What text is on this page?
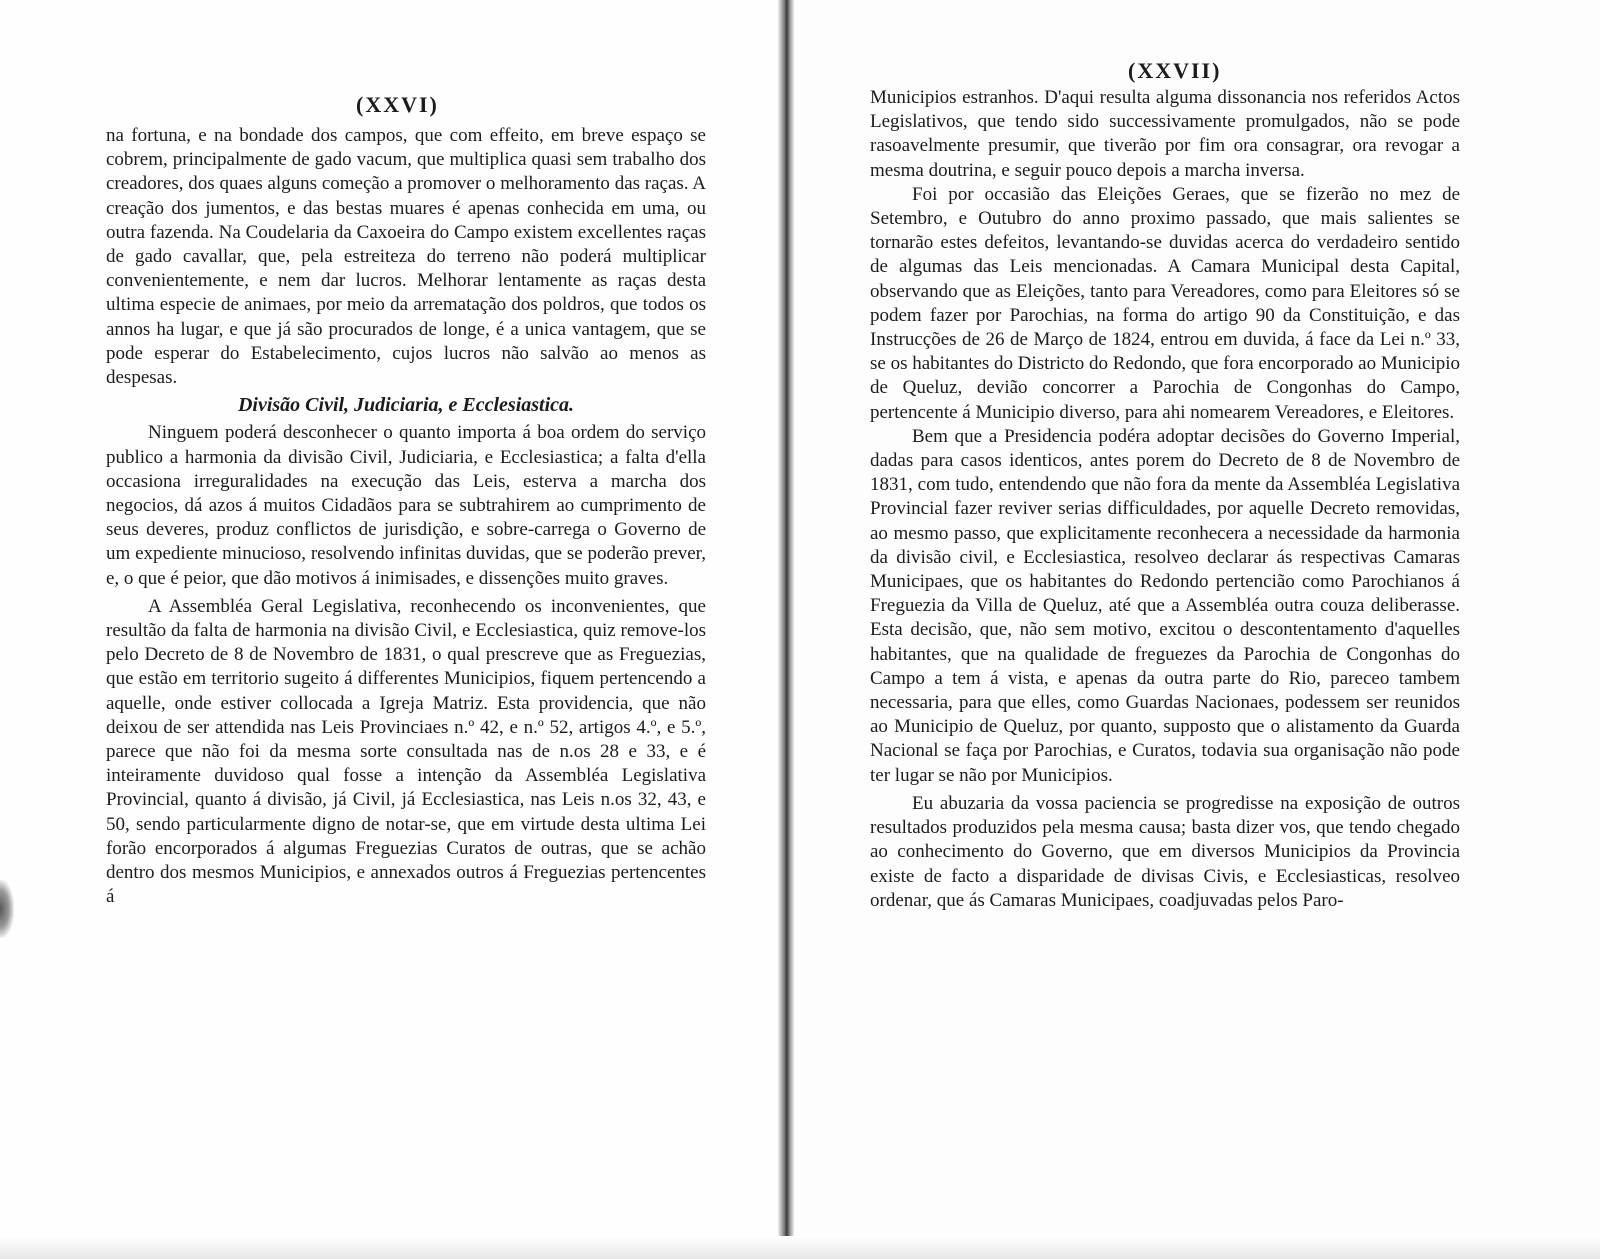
(XXVI)

na fortuna, e na bondade dos campos, que com effeito, em breve espaço se cobrem, principalmente de gado vacum, que multiplica quasi sem trabalho dos creadores, dos quaes alguns começão a promover o melhoramento das raças. A creação dos jumentos, e das bestas muares é apenas conhecida em uma, ou outra fazenda. Na Coudelaria da Caxoeira do Campo existem excellentes raças de gado cavallar, que, pela estreiteza do terreno não poderá multiplicar convenientemente, e nem dar lucros. Melhorar lentamente as raças desta ultima especie de animaes, por meio da arrematação dos poldros, que todos os annos ha lugar, e que já são procurados de longe, é a unica vantagem, que se pode esperar do Estabelecimento, cujos lucros não salvão ao menos as despesas.

Divisão Civil, Judiciaria, e Ecclesiastica.

Ninguem poderá desconhecer o quanto importa á boa ordem do serviço publico a harmonia da divisão Civil, Judiciaria, e Ecclesiastica; a falta d'ella occasiona irreguralidades na execução das Leis, esterva a marcha dos negocios, dá azos á muitos Cidadãos para se subtrahirem ao cumprimento de seus deveres, produz conflictos de jurisdição, e sobre-carrega o Governo de um expediente minucioso, resolvendo infinitas duvidas, que se poderão prever, e, o que é peior, que dão motivos á inimisades, e dissenções muito graves.

A Assembléa Geral Legislativa, reconhecendo os inconvenientes, que resultão da falta de harmonia na divisão Civil, e Ecclesiastica, quiz remove-los pelo Decreto de 8 de Novembro de 1831, o qual prescreve que as Freguezias, que estão em territorio sugeito á differentes Municipios, fiquem pertencendo a aquelle, onde estiver collocada a Igreja Matriz. Esta providencia, que não deixou de ser attendida nas Leis Provinciaes n.º 42, e n.º 52, artigos 4.º, e 5.º, parece que não foi da mesma sorte consultada nas de n.os 28 e 33, e é inteiramente duvidoso qual fosse a intenção da Assembléa Legislativa Provincial, quanto á divisão, já Civil, já Ecclesiastica, nas Leis n.os 32, 43, e 50, sendo particularmente digno de notar-se, que em virtude desta ultima Lei forão encorporados á algumas Freguezias Curatos de outras, que se achão dentro dos mesmos Municipios, e annexados outros á Freguezias pertencentes á

(XXVII)

Municipios estranhos. D'aqui resulta alguma dissonancia nos referidos Actos Legislativos, que tendo sido successivamente promulgados, não se pode rasoavelmente presumir, que tiverão por fim ora consagrar, ora revogar a mesma doutrina, e seguir pouco depois a marcha inversa.

Foi por occasião das Eleições Geraes, que se fizerão no mez de Setembro, e Outubro do anno proximo passado, que mais salientes se tornarão estes defeitos, levantando-se duvidas acerca do verdadeiro sentido de algumas das Leis mencionadas. A Camara Municipal desta Capital, observando que as Eleições, tanto para Vereadores, como para Eleitores só se podem fazer por Parochias, na forma do artigo 90 da Constituição, e das Instrucções de 26 de Março de 1824, entrou em duvida, á face da Lei n.º 33, se os habitantes do Districto do Redondo, que fora encorporado ao Municipio de Queluz, devião concorrer a Parochia de Congonhas do Campo, pertencente á Municipio diverso, para ahi nomearem Vereadores, e Eleitores.

Bem que a Presidencia podéra adoptar decisões do Governo Imperial, dadas para casos identicos, antes porem do Decreto de 8 de Novembro de 1831, com tudo, entendendo que não fora da mente da Assembléa Legislativa Provincial fazer reviver serias difficuldades, por aquelle Decreto removidas, ao mesmo passo, que explicitamente reconhecera a necessidade da harmonia da divisão civil, e Ecclesiastica, resolveo declarar ás respectivas Camaras Municipaes, que os habitantes do Redondo pertencião como Parochianos á Freguezia da Villa de Queluz, até que a Assembléa outra couza deliberasse. Esta decisão, que, não sem motivo, excitou o descontentamento d'aquelles habitantes, que na qualidade de freguezes da Parochia de Congonhas do Campo a tem á vista, e apenas da outra parte do Rio, pareceo tambem necessaria, para que elles, como Guardas Nacionaes, podessem ser reunidos ao Municipio de Queluz, por quanto, supposto que o alistamento da Guarda Nacional se faça por Parochias, e Curatos, todavia sua organisação não pode ter lugar se não por Municipios.

Eu abuzaria da vossa paciencia se progredisse na exposição de outros resultados produzidos pela mesma causa; basta dizer vos, que tendo chegado ao conhecimento do Governo, que em diversos Municipios da Provincia existe de facto a disparidade de divisas Civis, e Ecclesiasticas, resolveo ordenar, que ás Camaras Municipaes, coadjuvadas pelos Paro-
